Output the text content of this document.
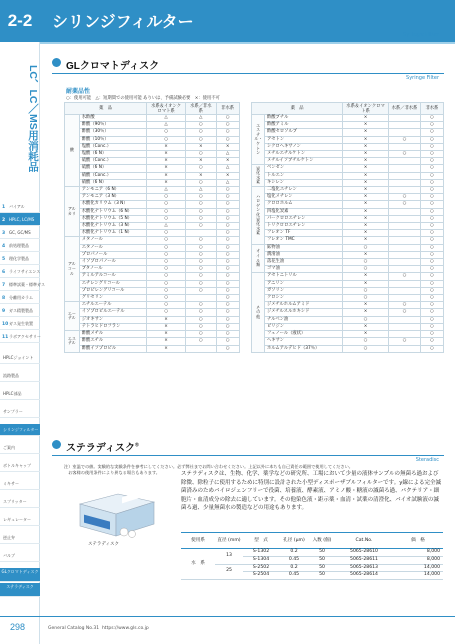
2-2
LC、LC／MS用消耗品
1 バイアル
2 HPLC, LC/MS
3 GC, GC/MS
4 前処理製品
5 理化学製品
6 ライフサイエンス
7 標準試薬・標準ガス
8 分離用カラム
9 ガス精製製品
10ガス発生装置
11ラボアクセサリー
HPLCジョイント
流路製品
HPLC部品
サンプラー
シリンジフィルター
ご案内
ボトルキャップ
ミキサー
スプリッター
レギュレーター
逆止弁
バルブ
GLクロマトディスク
ステラディスク
シリンジフィルター
Syringe Filter
GLクロマトディスク
Syringe Filter
耐薬品性
○：使用可能　△：短期間での使用可能 ありいは、予備試験必要　×：使用不可
薬　品		水系＆イオンクロマト系	水系／非水系	非水系		薬　品		水系＆イオンクロマト系	水系／非水系	非水系
酸	氷酢酸	△	△	○		エステル・ケトン	酢酸ブチル	×		○
	酢酸（90％）	△	○	○			酢酸アミル	×		○
	酢酸（30％）	○	○	○			酢酸セロソルブ	×		○
	酢酸（10％）	○	○	○			アセトン	×	○	○
	塩酸（Conc.）	×	×	×			シクロヘキサノン	×		○
	塩酸（6 N）	×	○	△			メチルエチルケトン	×	○	○
	硫酸（Conc.）	×	×	×			メチルイソブチルケトン	×		○
	硫酸（6 N）	×	○	△		炭化水素	ベンゼン	×		○
	硝酸（Conc.）	×	×	×			トルエン	×		○
	硝酸（6 N）	×	○	△			キシレン	×		○
アルカリ	アンモニア（6 N）	△	△	○		ハロゲン化炭化水素	二塩化エチレン	×		○
	アンモニア（3 N）	○	○	○			塩化メチレン	×	○	○
	水酸化カリウム（3 N）	○	○	○			クロロホルム	×	○	○
	水酸化ナトリウム（6 N）	○	○	○			四塩化炭素	×		○
	水酸化ナトリウム（5 N）	○	○	○			パークロロエチレン	×		○
	水酸化ナトリウム（3 N）	△	○	○			トリクロロエチレン	×		○
	水酸化ナトリウム（1 N）	○		○			フレオン TF	×		○
アルコール	メタノール	○	○	○			フレオン TMC	×		○
	エタノール	○	○	○		オイル類	鉱物油	○		○
	プロパノール	○	○	○			潤滑油	×		○
	イソプロパノール	○	○	○			落花生油	○		○
	ブタノール	○	○	○			ゴマ油	○		○
	アミルアルコール	○	○	○		その他	アセトニトリル	×	○	○
	エチレングリコール	○	○	○			アニリン	×		○
	プロピレングリコール	○	○	○			ガソリン	○		○
	グリセリン	○		○			クロシン	○		○
エーテル	エチルエーテル	○	○	○			ジメチルホルムアミド	×	○	○
	イソプロピルエーテル	○	○	○			ジメチルスルホキシド	×	○	○
	ジオキサン	×	○	○			ナルベン油	○		○
	テトラヒドロフラン	×	○	○			ピリジン	×		○
エステル	酢酸メチル	×	○	○			フェノール（液状）	×		○
	酢酸エチル	×	○	○			ヘキサン	○	○	○
	酢酸イソプロピル	×		○			ホルムアルデヒド（37％）	○		○
注）室温での値。実験的な実験条件を参考にしてください。必ず弊社までお問い合わせください。上記以外に本ちも自己責任の範囲で使用してください。
　お客様の使用条件により異なる場合もあります。
ステラディスク®
Steradisc
ステラディスク
ステラディスクは、生物、化学、薬学などの研究所、工場において少量の液体サンプルの無菌ろ過および除微、除粒子に使用するために特別に設計された小型ディスポーザブルフィルターです。y線による完全滅菌済みのためバイロジェンフリーで役菌、培養液、酵素液、アミノ酸・糖液の滅菌ろ過、バクテリア・細胞片・血清成分の除去に適しています。その他染色液・距示薬・血清・試薬の清澄化、バイオ試験液の滅菌ろ過、少量無菌水の製造などの用途もあります。
使用系	直径 (mm)	型　式	孔径 (μm)	入数 (個)	Cat.No.	価　格
水　系	13	S-1302	0.2	50	5065-28610	8,000
		S-1304	0.45	50	5065-28611	8,000
	25	S-2502	0.2	50	5065-28613	14,000
		S-2504	0.45	50	5065-28614	14,000
298	General Catalog No.31 https://www.gls.co.jp
